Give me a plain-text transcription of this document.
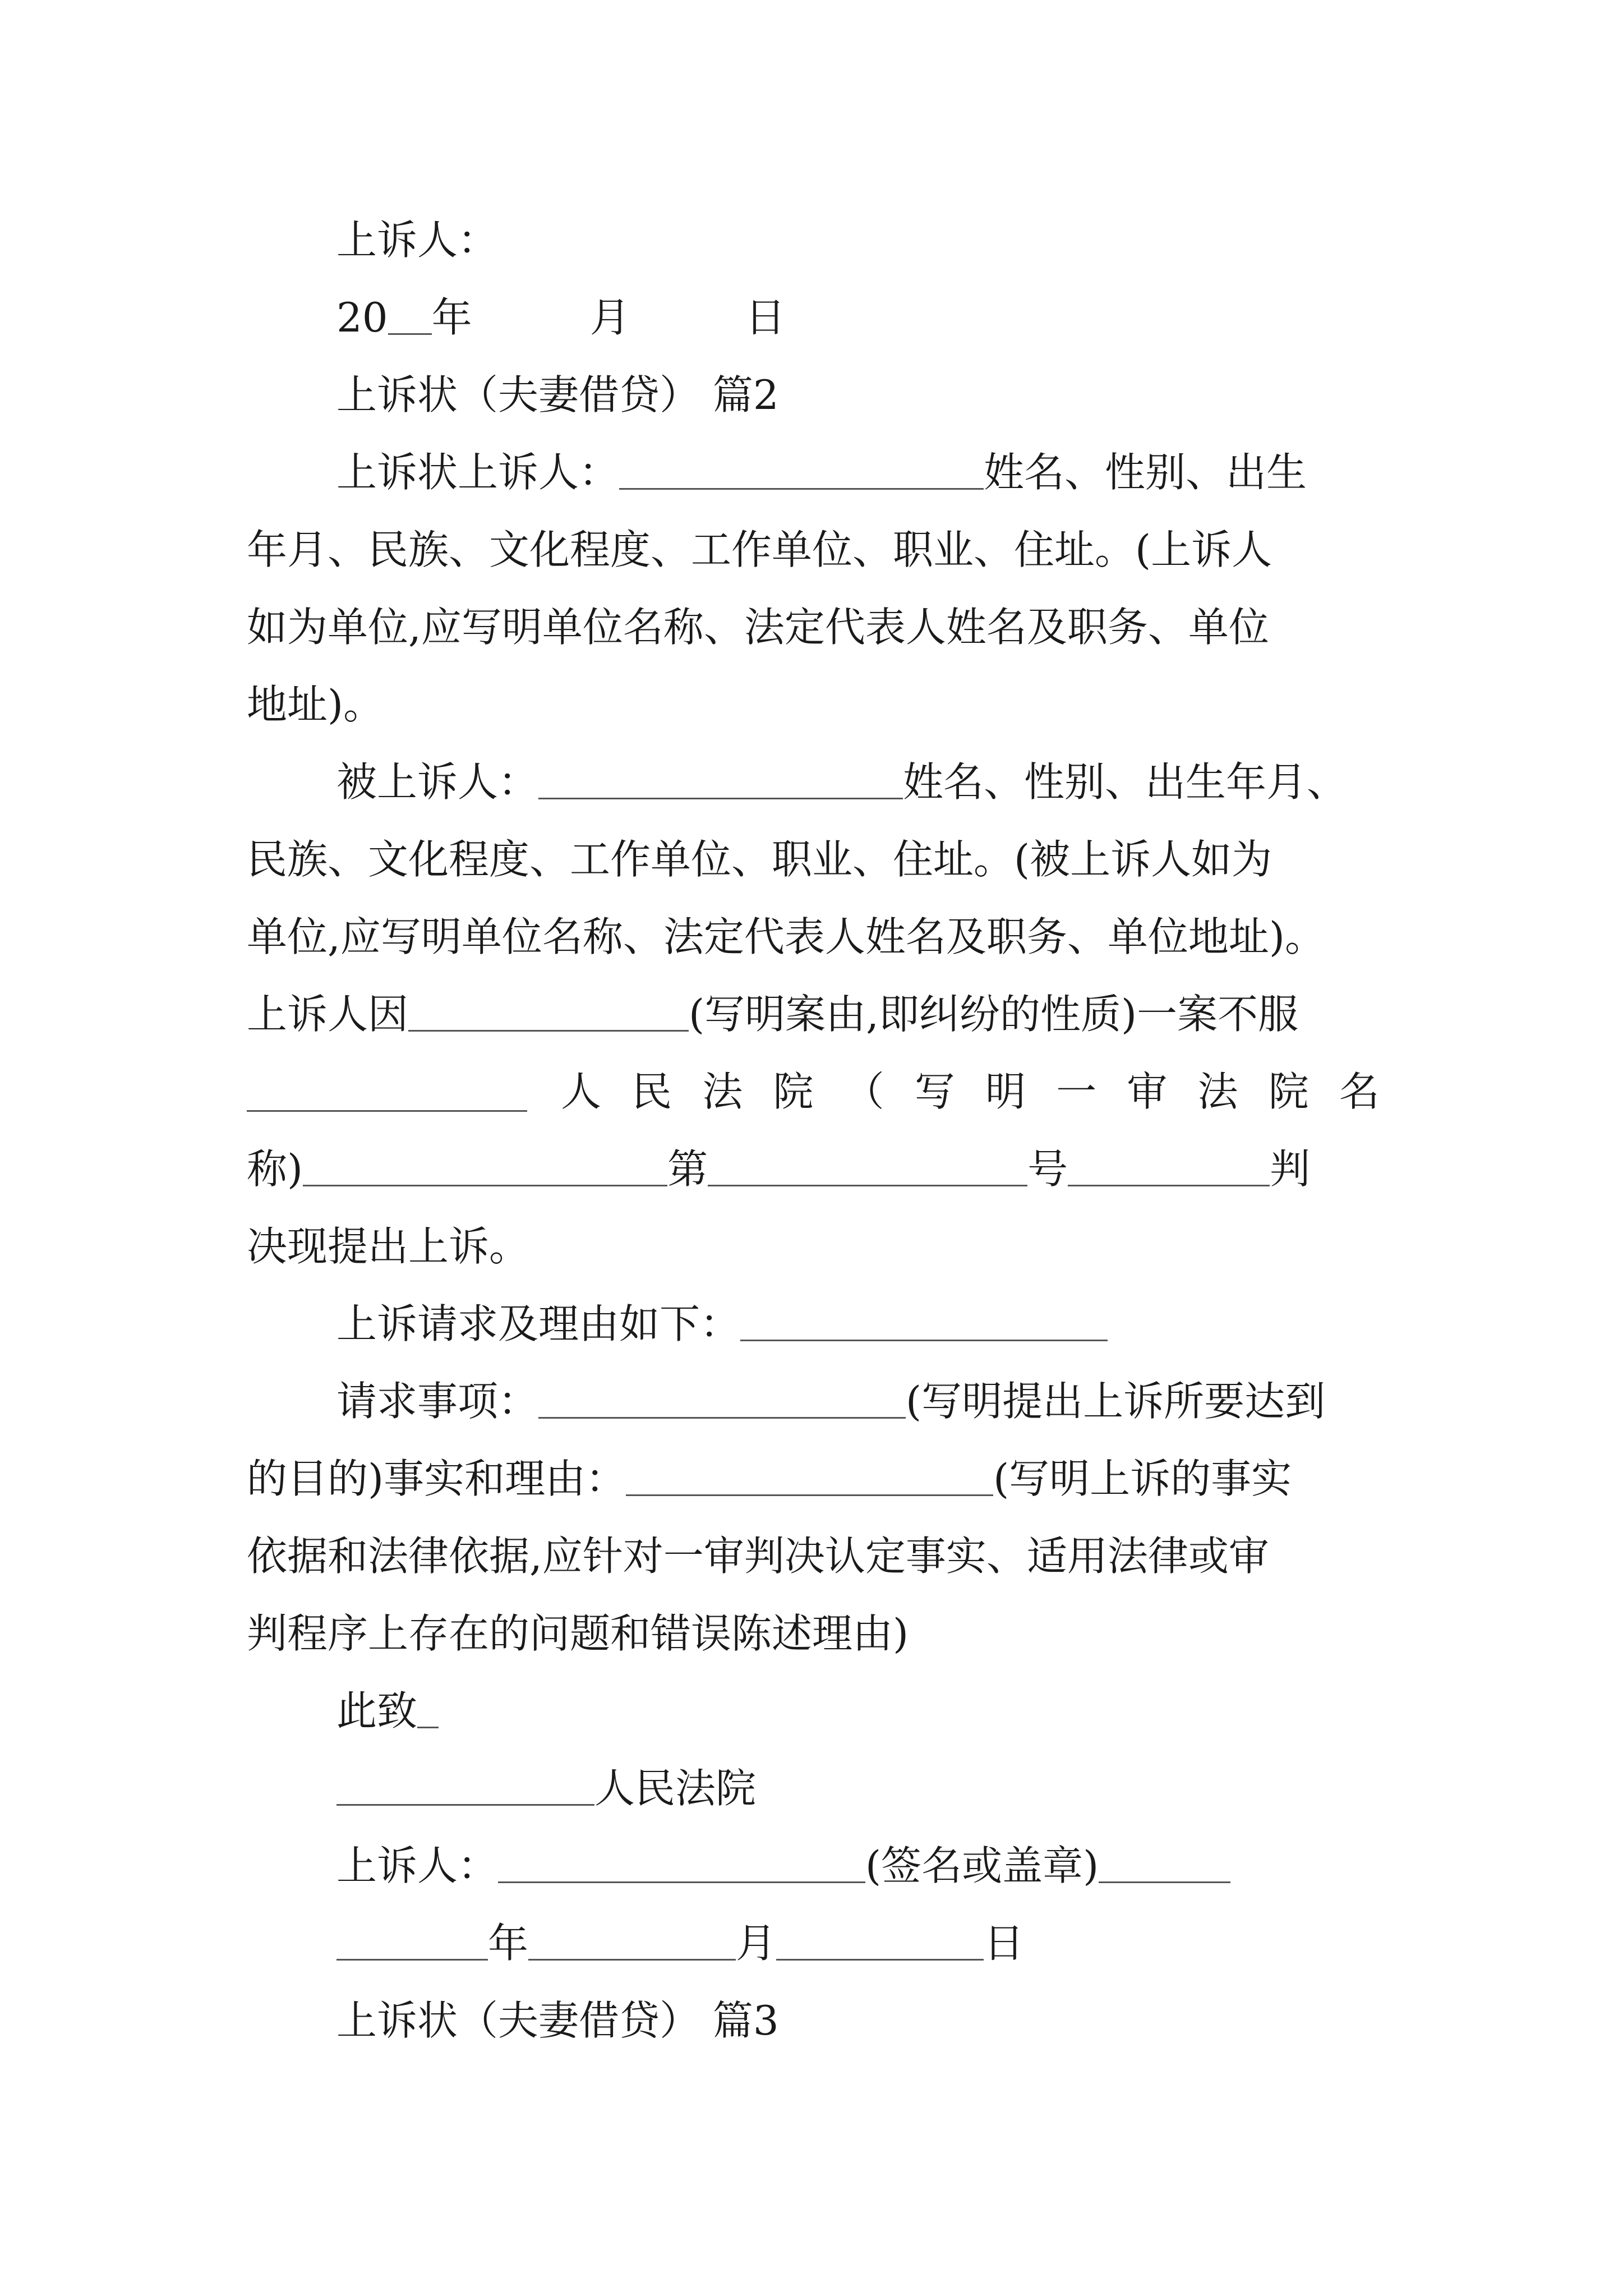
上诉人：
20 年	月	日
上诉状（夫妻借贷） 篇2
上诉状上诉人：	姓名、性别、出生
年月、民族、文化程度、工作单位、职业、住址。(上诉人
如为单位,应写明单位名称、法定代表人姓名及职务、单位
地址)。
被上诉人：	姓名、性别、出生年月、
民族、文化程度、工作单位、职业、住址。(被上诉人如为
单位,应写明单位名称、法定代表人姓名及职务、单位地址)。
上诉人因	(写明案由,即纠纷的性质)一案不服
人 民 法 院 （ 写 明 一 审 法 院 名
称)	第	号	判
决现提出上诉。
上诉请求及理由如下：
请求事项：	(写明提出上诉所要达到
的目的)事实和理由：	(写明上诉的事实
依据和法律依据,应针对一审判决认定事实、适用法律或审
判程序上存在的问题和错误陈述理由)
此致
人民法院
上诉人：	(签名或盖章)
年	月	日
上诉状（夫妻借贷） 篇3
